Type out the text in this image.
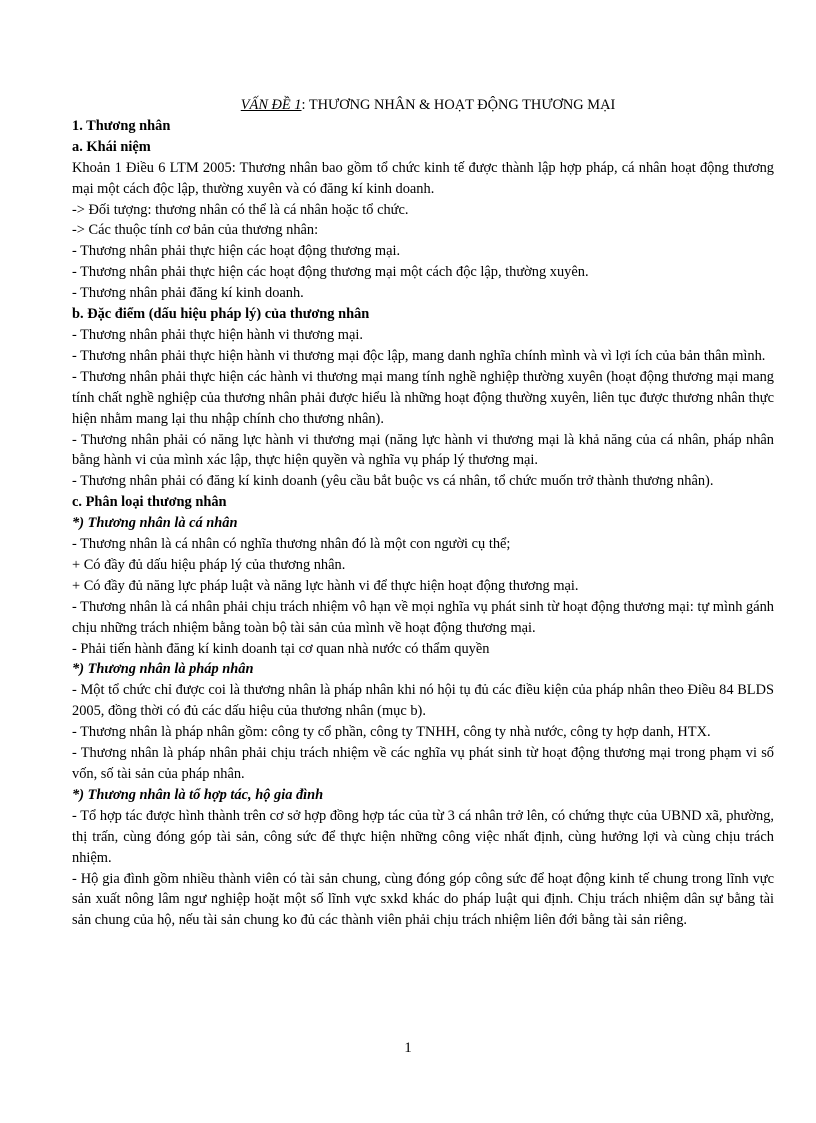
VẤN ĐỀ 1: THƯƠNG NHÂN & HOẠT ĐỘNG THƯƠNG MẠI

1. Thương nhân

a. Khái niệm

Khoản 1 Điều 6 LTM 2005: Thương nhân bao gồm tổ chức kinh tế được thành lập hợp pháp, cá nhân hoạt động thương mại một cách độc lập, thường xuyên và có đăng kí kinh doanh.

-> Đối tượng: thương nhân có thể là cá nhân hoặc tổ chức.

-> Các thuộc tính cơ bản của thương nhân:

- Thương nhân phải thực hiện các hoạt động thương mại.

- Thương nhân phải thực hiện các hoạt động thương mại một cách độc lập, thường xuyên.

- Thương nhân phải đăng kí kinh doanh.

b. Đặc điểm (dấu hiệu pháp lý) của thương nhân

- Thương nhân phải thực hiện hành vi thương mại.

- Thương nhân phải thực hiện hành vi thương mại độc lập, mang danh nghĩa chính mình và vì lợi ích của bản thân mình.

- Thương nhân phải thực hiện các hành vi thương mại mang tính nghề nghiệp thường xuyên (hoạt động thương mại mang tính chất nghề nghiệp của thương nhân phải được hiểu là những hoạt động thường xuyên, liên tục được thương nhân thực hiện nhằm mang lại thu nhập chính cho thương nhân).

- Thương nhân phải có năng lực hành vi thương mại (năng lực hành vi thương mại là khả năng của cá nhân, pháp nhân bằng hành vi của mình xác lập, thực hiện quyền và nghĩa vụ pháp lý thương mại.

- Thương nhân phải có đăng kí kinh doanh (yêu cầu bắt buộc vs cá nhân, tổ chức muốn trở thành thương nhân).

c. Phân loại thương nhân

*) Thương nhân là cá nhân

- Thương nhân là cá nhân có nghĩa thương nhân đó là một con người cụ thể;

+ Có đầy đủ dấu hiệu pháp lý của thương nhân.

+ Có đầy đủ năng lực pháp luật và năng lực hành vi để thực hiện hoạt động thương mại.

- Thương nhân là cá nhân phải chịu trách nhiệm vô hạn về mọi nghĩa vụ phát sinh từ hoạt động thương mại: tự mình gánh chịu những trách nhiệm bằng toàn bộ tài sản của mình về hoạt động thương mại.

- Phải tiến hành đăng kí kinh doanh tại cơ quan nhà nước có thẩm quyền

*) Thương nhân là pháp nhân

- Một tổ chức chỉ được coi là thương nhân là pháp nhân khi nó hội tụ đủ các điều kiện của pháp nhân theo Điều 84 BLDS 2005, đồng thời có đủ các dấu hiệu của thương nhân (mục b).

- Thương nhân là pháp nhân gồm: công ty cổ phần, công ty TNHH, công ty nhà nước, công ty hợp danh, HTX.

- Thương nhân là pháp nhân phải chịu trách nhiệm về các nghĩa vụ phát sinh từ hoạt động thương mại trong phạm vi số vốn, số tài sản của pháp nhân.

*) Thương nhân là tổ hợp tác, hộ gia đình

- Tổ hợp tác được hình thành trên cơ sở hợp đồng hợp tác của từ 3 cá nhân trở lên, có chứng thực của UBND xã, phường, thị trấn, cùng đóng góp tài sản, công sức để thực hiện những công việc nhất định, cùng hưởng lợi và cùng chịu trách nhiệm.

- Hộ gia đình gồm nhiều thành viên có tài sản chung, cùng đóng góp công sức để hoạt động kinh tế chung trong lĩnh vực sản xuất nông lâm ngư nghiệp hoặt một số lĩnh vực sxkd khác do pháp luật qui định. Chịu trách nhiệm dân sự bằng tài sản chung của hộ, nếu tài sản chung ko đủ các thành viên phải chịu trách nhiệm liên đới bằng tài sản riêng.

1
